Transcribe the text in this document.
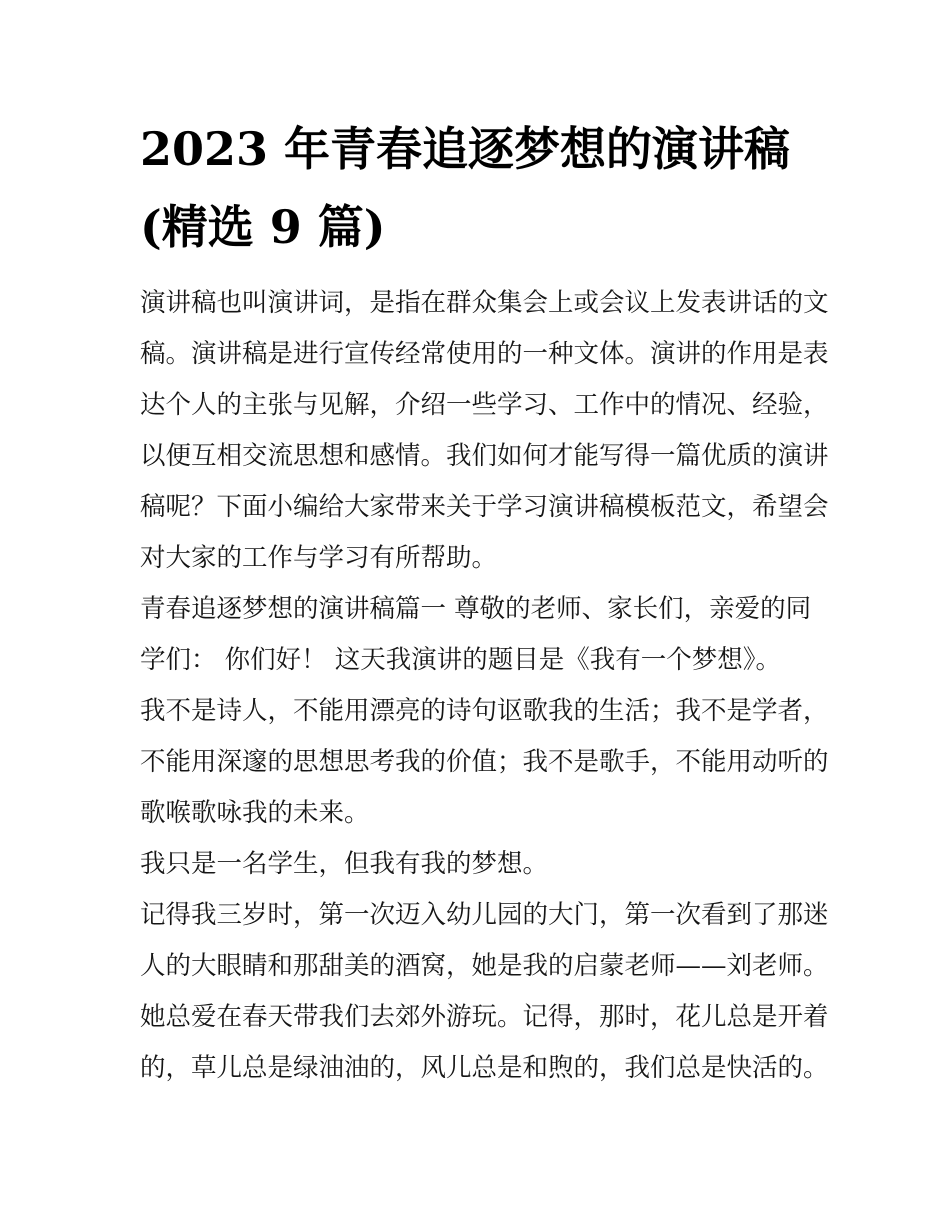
2023 年青春追逐梦想的演讲稿
(精选 9 篇)
演讲稿也叫演讲词，是指在群众集会上或会议上发表讲话的文
稿。演讲稿是进行宣传经常使用的一种文体。演讲的作用是表
达个人的主张与见解，介绍一些学习、工作中的情况、经验，
以便互相交流思想和感情。我们如何才能写得一篇优质的演讲
稿呢？下面小编给大家带来关于学习演讲稿模板范文，希望会
对大家的工作与学习有所帮助。
青春追逐梦想的演讲稿篇一 尊敬的老师、家长们，亲爱的同
学们： 你们好！ 这天我演讲的题目是《我有一个梦想》。
我不是诗人，不能用漂亮的诗句讴歌我的生活；我不是学者，
不能用深邃的思想思考我的价值；我不是歌手，不能用动听的
歌喉歌咏我的未来。
我只是一名学生，但我有我的梦想。
记得我三岁时，第一次迈入幼儿园的大门，第一次看到了那迷
人的大眼睛和那甜美的酒窝，她是我的启蒙老师——刘老师。
她总爱在春天带我们去郊外游玩。记得，那时，花儿总是开着
的，草儿总是绿油油的，风儿总是和煦的，我们总是快活的。
